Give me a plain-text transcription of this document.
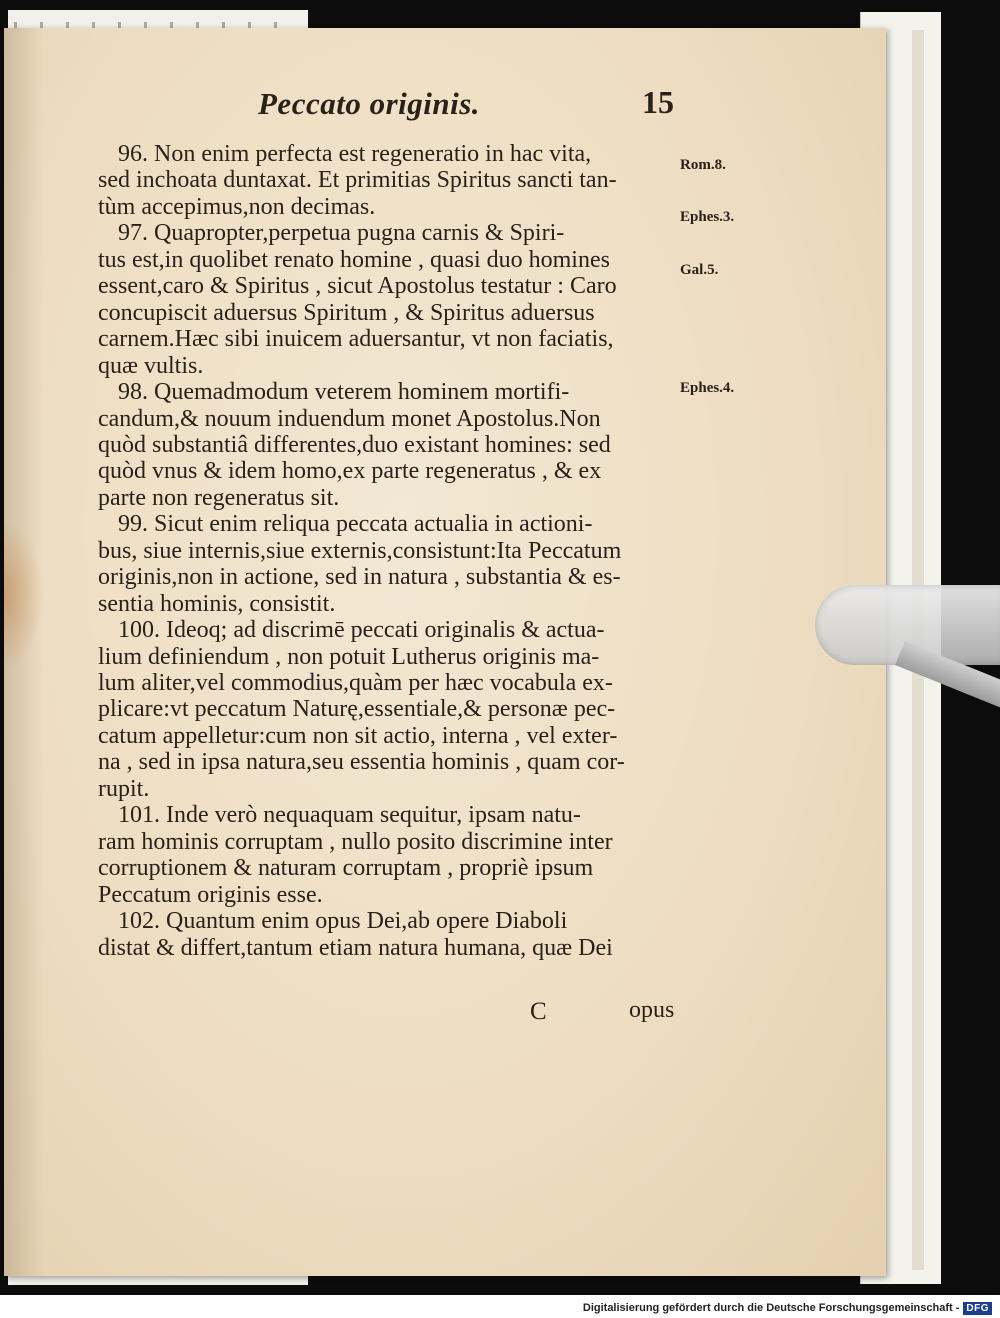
Peccato originis.	15
96. Non enim perfecta est regeneratio in hac vita,
sed inchoata duntaxat. Et primitias Spiritus sancti tan-
tùm accepimus,non decimas.
97. Quapropter,perpetua pugna carnis & Spiri-
tus est,in quolibet renato homine , quasi duo homines
essent,caro & Spiritus , sicut Apostolus testatur : Caro
concupiscit aduersus Spiritum , & Spiritus aduersus
carnem.Hæc sibi inuicem aduersantur, vt non faciatis,
quæ vultis.
98. Quemadmodum veterem hominem mortifi-
candum,& nouum induendum monet Apostolus.Non
quòd substantiâ differentes,duo existant homines: sed
quòd vnus & idem homo,ex parte regeneratus , & ex
parte non regeneratus sit.
99. Sicut enim reliqua peccata actualia in actioni-
bus, siue internis,siue externis,consistunt:Ita Peccatum
originis,non in actione, sed in natura , substantia & es-
sentia hominis, consistit.
100. Ideoq; ad discrimē peccati originalis & actua-
lium definiendum , non potuit Lutherus originis ma-
lum aliter,vel commodius,quàm per hæc vocabula ex-
plicare:vt peccatum Naturę,essentiale,& personæ pec-
catum appelletur:cum non sit actio, interna , vel exter-
na , sed in ipsa natura,seu essentia hominis , quam cor-
rupit.
101. Inde verò nequaquam sequitur, ipsam natu-
ram hominis corruptam , nullo posito discrimine inter
corruptionem & naturam corruptam , propriè ipsum
Peccatum originis esse.
102. Quantum enim opus Dei,ab opere Diaboli
distat & differt,tantum etiam natura humana, quæ Dei
Rom.8.
Ephes.3.
Gal.5.
Ephes.4.
C	opus
Digitalisierung gefördert durch die Deutsche Forschungsgemeinschaft - DFG
